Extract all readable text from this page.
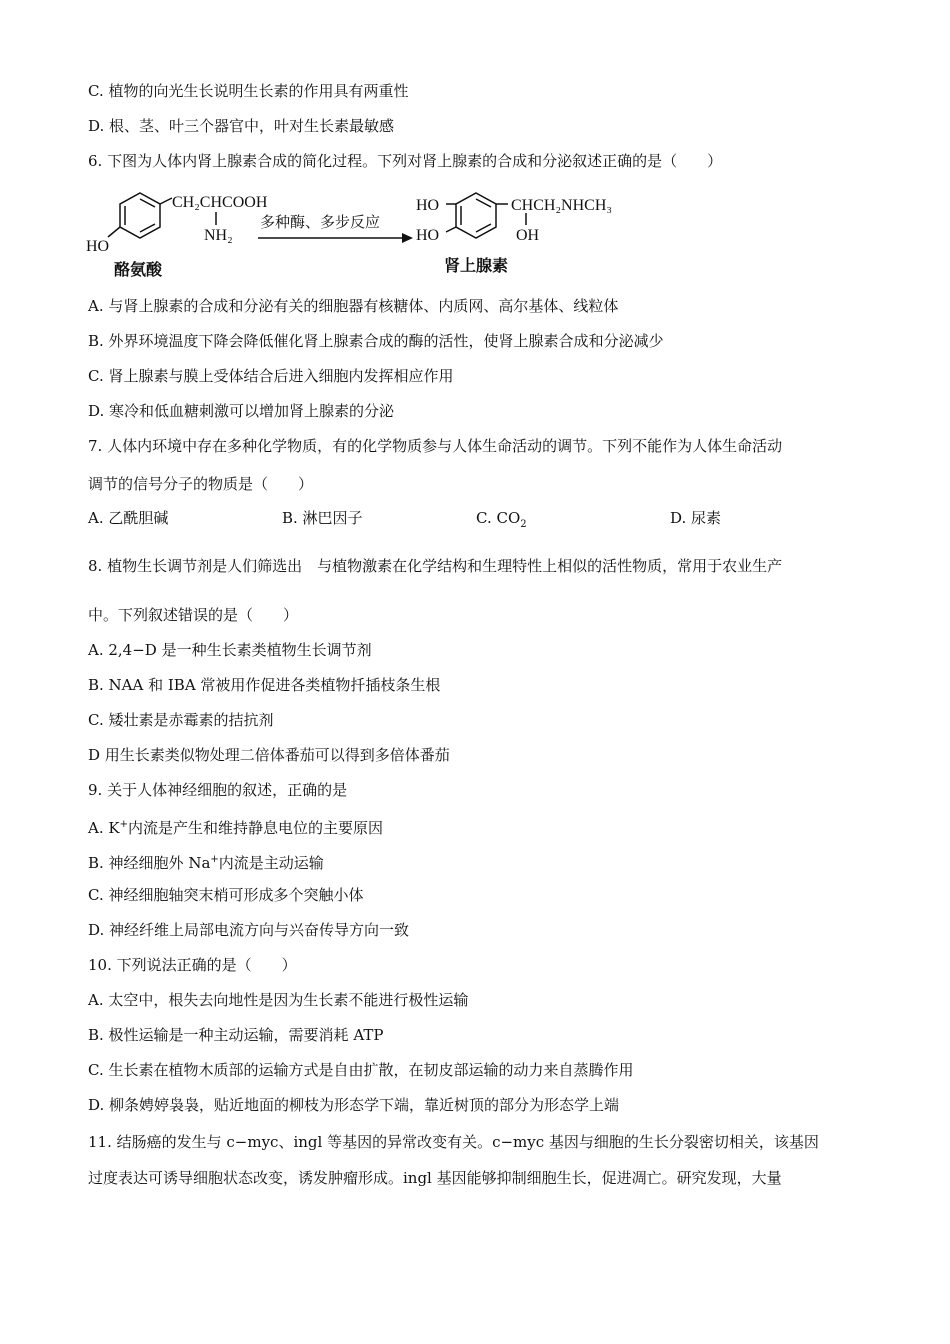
C. 植物的向光生长说明生长素的作用具有两重性
D. 根、茎、叶三个器官中，叶对生长素最敏感
6. 下图为人体内肾上腺素合成的简化过程。下列对肾上腺素的合成和分泌叙述正确的是（　　）
CH₂CHCOOH
NH₂
HO
多种酶、多步反应
HO
HO
CHCH₂NHCH₃
OH
酪氨酸	肾上腺素
A. 与肾上腺素的合成和分泌有关的细胞器有核糖体、内质网、高尔基体、线粒体
B. 外界环境温度下降会降低催化肾上腺素合成的酶的活性，使肾上腺素合成和分泌减少
C. 肾上腺素与膜上受体结合后进入细胞内发挥相应作用
D. 寒冷和低血糖刺激可以增加肾上腺素的分泌
7. 人体内环境中存在多种化学物质，有的化学物质参与人体生命活动的调节。下列不能作为人体生命活动
调节的信号分子的物质是（　　）
A. 乙酰胆碱	B. 淋巴因子	C. $CO_2$	D. 尿素
8. 植物生长调节剂是人们筛选出　与植物激素在化学结构和生理特性上相似的活性物质，常用于农业生产
中。下列叙述错误的是（　　）
A. 2,4−D 是一种生长素类植物生长调节剂
B. NAA 和 IBA 常被用作促进各类植物扦插枝条生根
C. 矮壮素是赤霉素的拮抗剂
D 用生长素类似物处理二倍体番茄可以得到多倍体番茄
9. 关于人体神经细胞的叙述，正确的是
A. K+内流是产生和维持静息电位的主要原因
B. 神经细胞外 Na+内流是主动运输
C. 神经细胞轴突末梢可形成多个突触小体
D. 神经纤维上局部电流方向与兴奋传导方向一致
10. 下列说法正确的是（　　）
A. 太空中，根失去向地性是因为生长素不能进行极性运输
B. 极性运输是一种主动运输，需要消耗 ATP
C. 生长素在植物木质部的运输方式是自由扩散，在韧皮部运输的动力来自蒸腾作用
D. 柳条娉婷袅袅，贴近地面的柳枝为形态学下端，靠近树顶的部分为形态学上端
11. 结肠癌的发生与 c−myc、ingl 等基因的异常改变有关。c−myc 基因与细胞的生长分裂密切相关，该基因
过度表达可诱导细胞状态改变，诱发肿瘤形成。ingl 基因能够抑制细胞生长，促进凋亡。研究发现，大量
